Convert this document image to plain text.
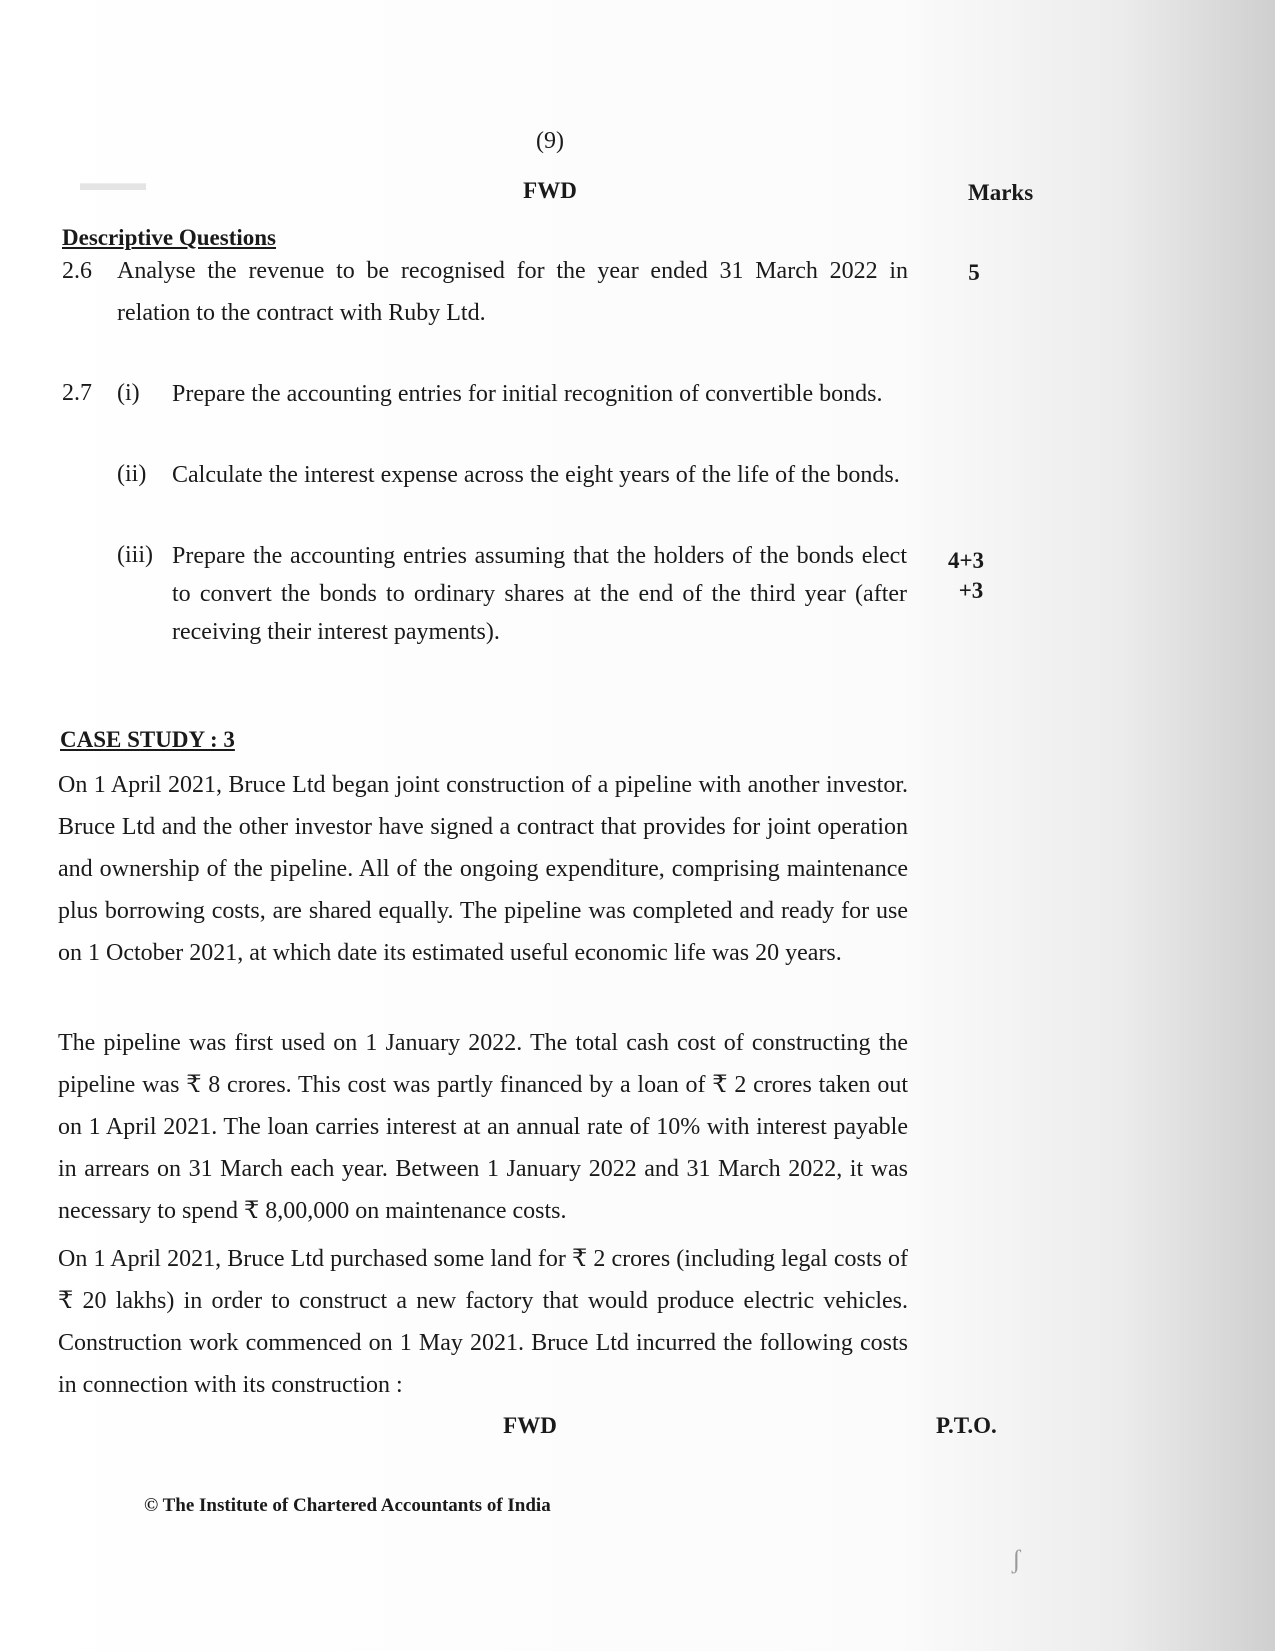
▬▬▬
(9)
FWD	Marks
Descriptive Questions
2.6 Analyse the revenue to be recognised for the year ended 31 March 2022 in relation to the contract with Ruby Ltd.
5
2.7 (i) Prepare the accounting entries for initial recognition of convertible bonds.
(ii) Calculate the interest expense across the eight years of the life of the bonds.
(iii) Prepare the accounting entries assuming that the holders of the bonds elect to convert the bonds to ordinary shares at the end of the third year (after receiving their interest payments).
4+3
+3
CASE STUDY : 3
On 1 April 2021, Bruce Ltd began joint construction of a pipeline with another investor. Bruce Ltd and the other investor have signed a contract that provides for joint operation and ownership of the pipeline. All of the ongoing expenditure, comprising maintenance plus borrowing costs, are shared equally. The pipeline was completed and ready for use on 1 October 2021, at which date its estimated useful economic life was 20 years.
The pipeline was first used on 1 January 2022. The total cash cost of constructing the pipeline was ₹ 8 crores. This cost was partly financed by a loan of ₹ 2 crores taken out on 1 April 2021. The loan carries interest at an annual rate of 10% with interest payable in arrears on 31 March each year. Between 1 January 2022 and 31 March 2022, it was necessary to spend ₹ 8,00,000 on maintenance costs.
On 1 April 2021, Bruce Ltd purchased some land for ₹ 2 crores (including legal costs of ₹ 20 lakhs) in order to construct a new factory that would produce electric vehicles. Construction work commenced on 1 May 2021. Bruce Ltd incurred the following costs in connection with its construction :
FWD	P.T.O.
© The Institute of Chartered Accountants of India
ʃ
